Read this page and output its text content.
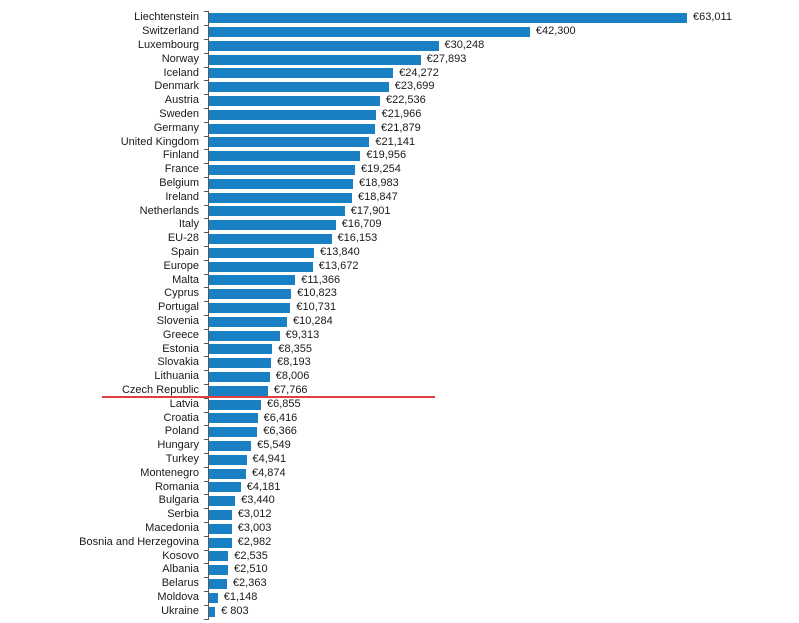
Liechtenstein	€63,011
Switzerland	€42,300
Luxembourg	€30,248
Norway	€27,893
Iceland	€24,272
Denmark	€23,699
Austria	€22,536
Sweden	€21,966
Germany	€21,879
United Kingdom	€21,141
Finland	€19,956
France	€19,254
Belgium	€18,983
Ireland	€18,847
Netherlands	€17,901
Italy	€16,709
EU-28	€16,153
Spain	€13,840
Europe	€13,672
Malta	€11,366
Cyprus	€10,823
Portugal	€10,731
Slovenia	€10,284
Greece	€9,313
Estonia	€8,355
Slovakia	€8,193
Lithuania	€8,006
Czech Republic	€7,766
Latvia	€6,855
Croatia	€6,416
Poland	€6,366
Hungary	€5,549
Turkey	€4,941
Montenegro	€4,874
Romania	€4,181
Bulgaria	€3,440
Serbia	€3,012
Macedonia	€3,003
Bosnia and Herzegovina	€2,982
Kosovo	€2,535
Albania	€2,510
Belarus	€2,363
Moldova €1,148
Ukraine € 803
